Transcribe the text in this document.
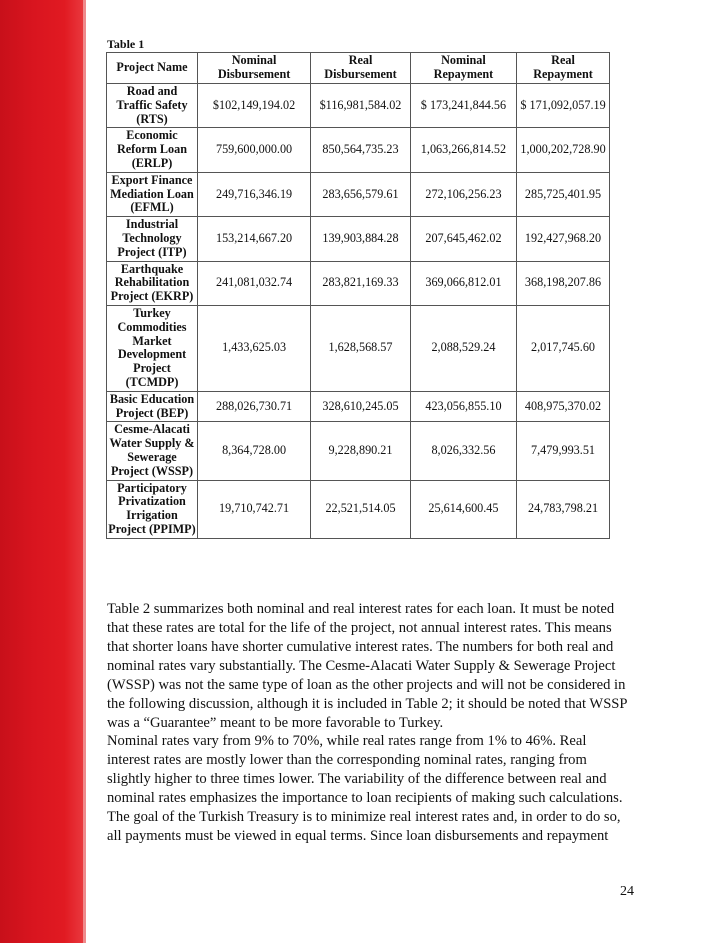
Table 1
Project Name	Nominal Disbursement	Real Disbursement	Nominal Repayment	Real Repayment
Road and Traffic Safety (RTS)	$102,149,194.02	$116,981,584.02	$ 173,241,844.56	$ 171,092,057.19
Economic Reform Loan (ERLP)	759,600,000.00	850,564,735.23	1,063,266,814.52	1,000,202,728.90
Export Finance Mediation Loan (EFML)	249,716,346.19	283,656,579.61	272,106,256.23	285,725,401.95
Industrial Technology Project (ITP)	153,214,667.20	139,903,884.28	207,645,462.02	192,427,968.20
Earthquake Rehabilitation Project (EKRP)	241,081,032.74	283,821,169.33	369,066,812.01	368,198,207.86
Turkey Commodities Market Development Project (TCMDP)	1,433,625.03	1,628,568.57	2,088,529.24	2,017,745.60
Basic Education Project (BEP)	288,026,730.71	328,610,245.05	423,056,855.10	408,975,370.02
Cesme-Alacati Water Supply & Sewerage Project (WSSP)	8,364,728.00	9,228,890.21	8,026,332.56	7,479,993.51
Participatory Privatization Irrigation Project (PPIMP)	19,710,742.71	22,521,514.05	25,614,600.45	24,783,798.21

Table 2 summarizes both nominal and real interest rates for each loan. It must be noted that these rates are total for the life of the project, not annual interest rates. This means that shorter loans have shorter cumulative interest rates. The numbers for both real and nominal rates vary substantially. The Cesme-Alacati Water Supply & Sewerage Project (WSSP) was not the same type of loan as the other projects and will not be considered in the following discussion, although it is included in Table 2; it should be noted that WSSP was a “Guarantee” meant to be more favorable to Turkey.

Nominal rates vary from 9% to 70%, while real rates range from 1% to 46%. Real interest rates are mostly lower than the corresponding nominal rates, ranging from slightly higher to three times lower. The variability of the difference between real and nominal rates emphasizes the importance to loan recipients of making such calculations. The goal of the Turkish Treasury is to minimize real interest rates and, in order to do so, all payments must be viewed in equal terms. Since loan disbursements and repayment

24
